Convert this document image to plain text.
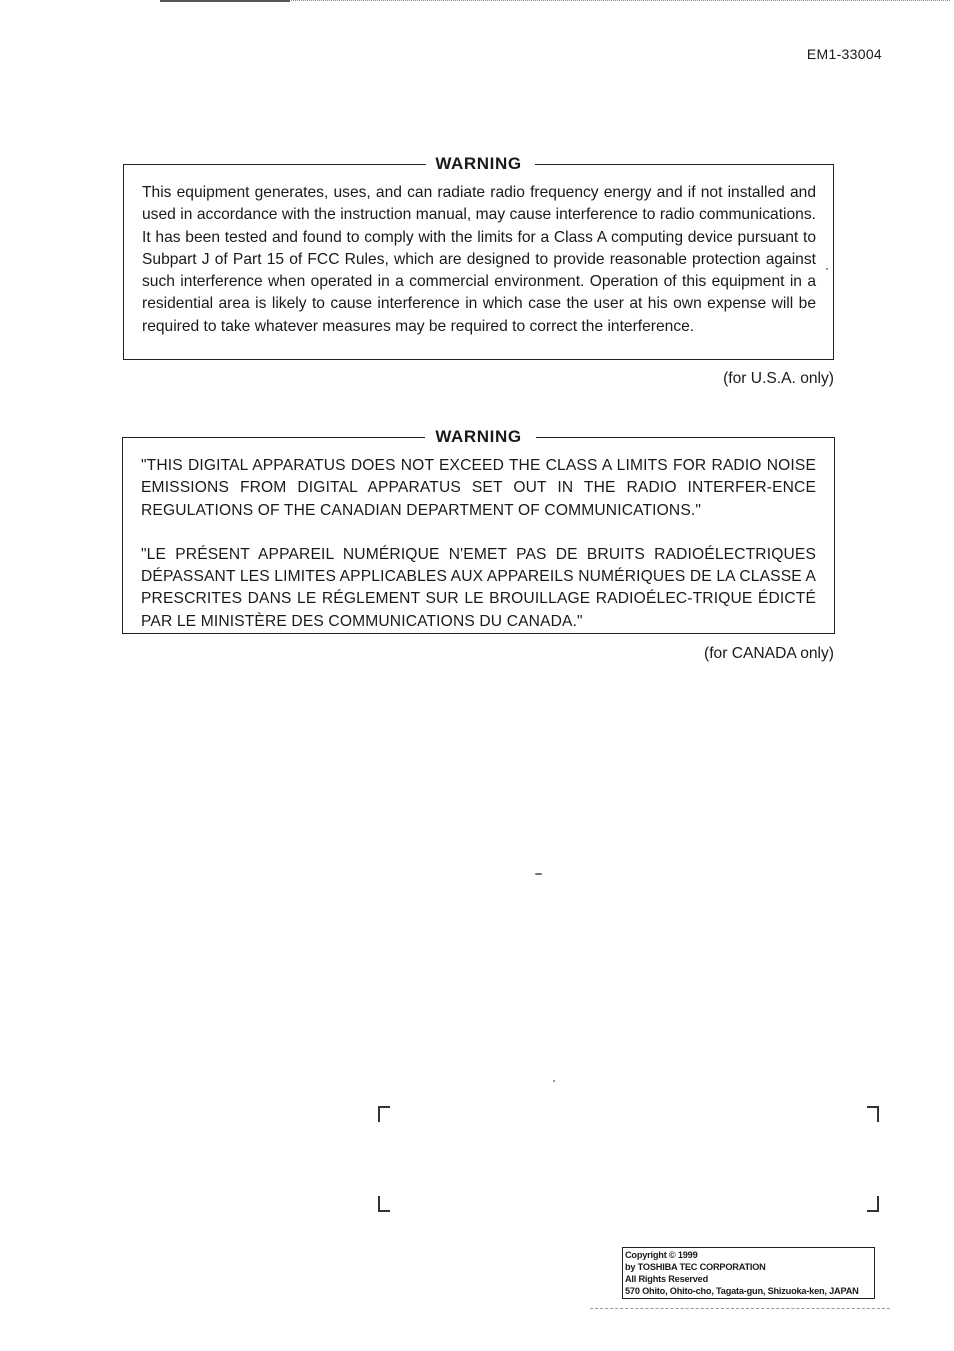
EM1-33004
WARNING

This equipment generates, uses, and can radiate radio frequency energy and if not installed and used in accordance with the instruction manual, may cause interference to radio communications. It has been tested and found to comply with the limits for a Class A computing device pursuant to Subpart J of Part 15 of FCC Rules, which are designed to provide reasonable protection against such interference when operated in a commercial environment. Operation of this equipment in a residential area is likely to cause interference in which case the user at his own expense will be required to take whatever measures may be required to correct the interference.

(for U.S.A. only)
WARNING

"THIS DIGITAL APPARATUS DOES NOT EXCEED THE CLASS A LIMITS FOR RADIO NOISE EMISSIONS FROM DIGITAL APPARATUS SET OUT IN THE RADIO INTERFER-ENCE REGULATIONS OF THE CANADIAN DEPARTMENT OF COMMUNICATIONS."

"LE PRÉSENT APPAREIL NUMÉRIQUE N'EMET PAS DE BRUITS RADIOÉLECTRIQUES DÉPASSANT LES LIMITES APPLICABLES AUX APPAREILS NUMÉRIQUES DE LA CLASSE A PRESCRITES DANS LE RÉGLEMENT SUR LE BROUILLAGE RADIOÉLEC-TRIQUE ÉDICTÉ PAR LE MINISTÈRE DES COMMUNICATIONS DU CANADA."

(for CANADA only)
Copyright © 1999
by TOSHIBA TEC CORPORATION
All Rights Reserved
570 Ohito, Ohito-cho, Tagata-gun, Shizuoka-ken, JAPAN
